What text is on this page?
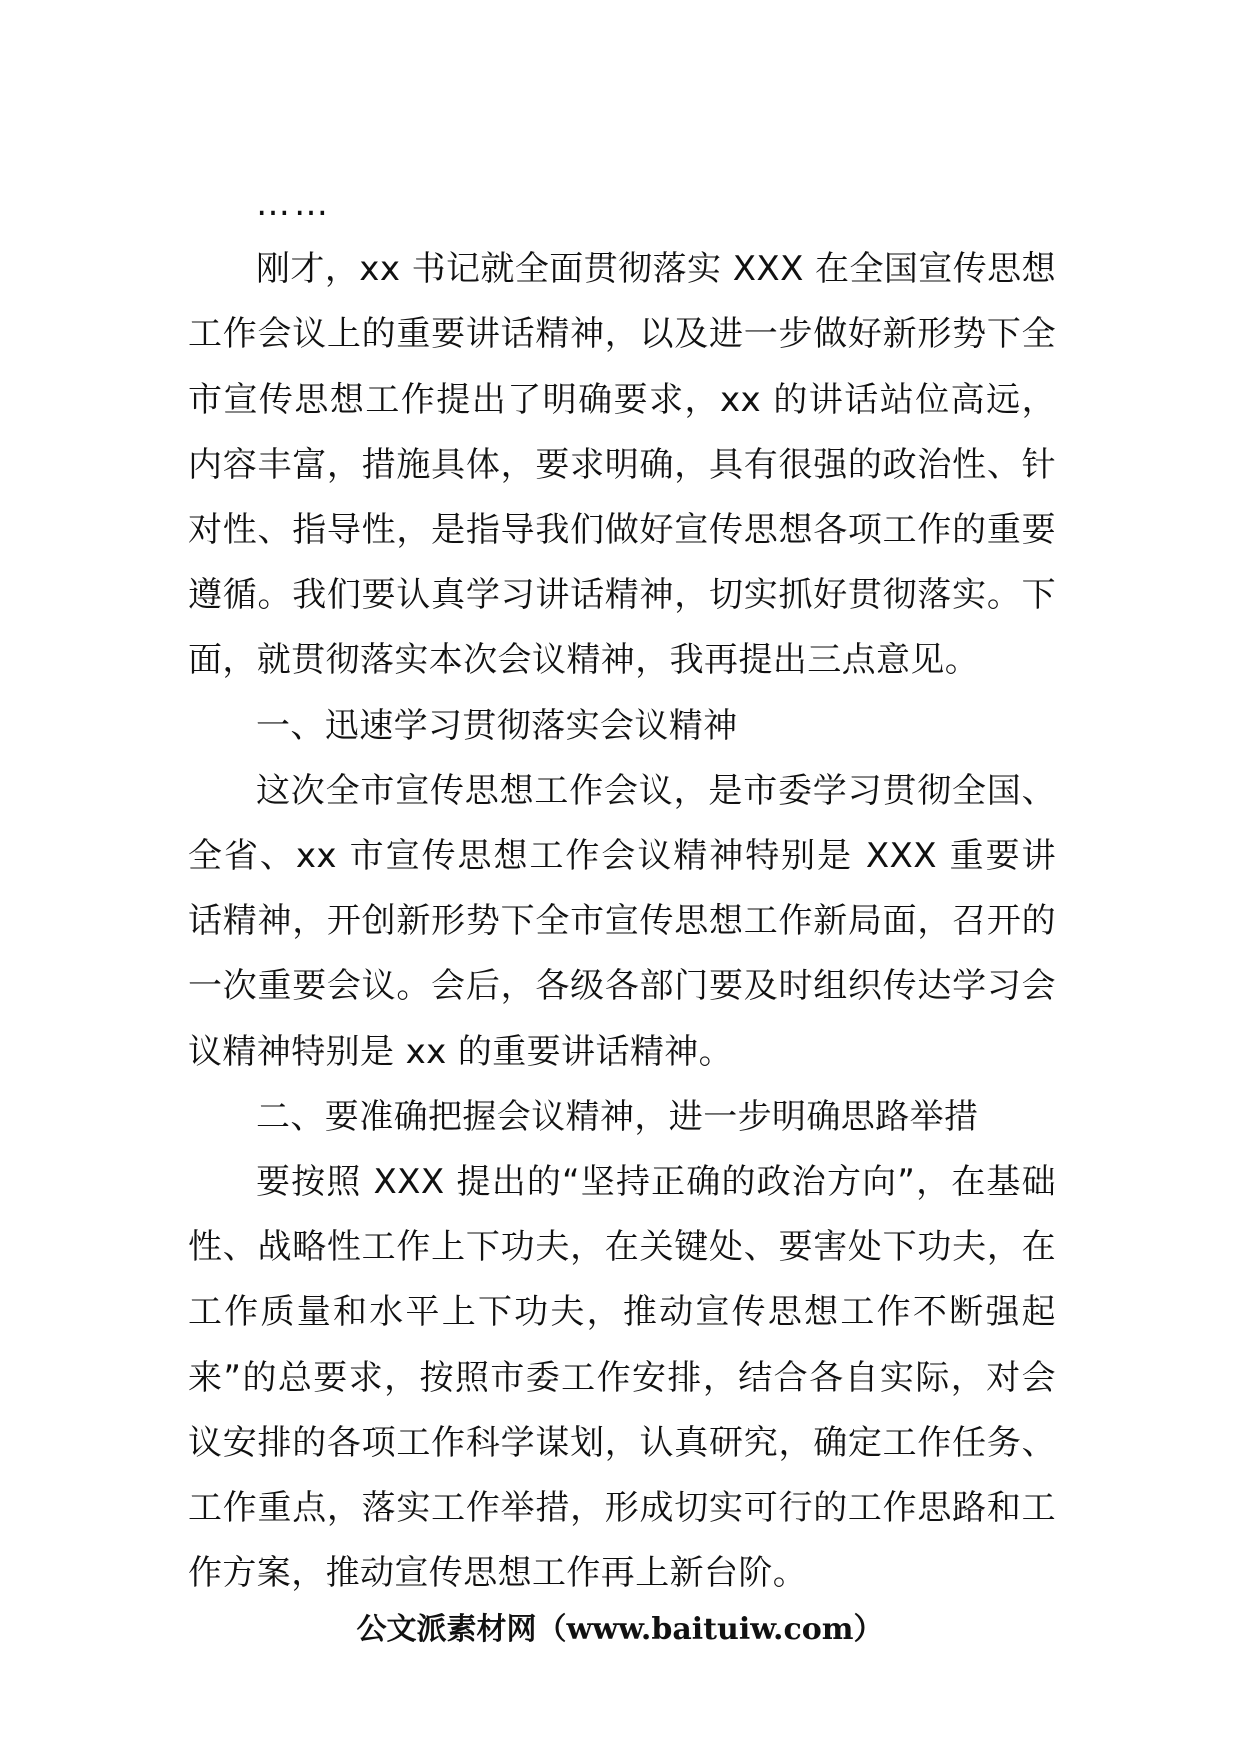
……

刚才，xx 书记就全面贯彻落实 XXX 在全国宣传思想工作会议上的重要讲话精神，以及进一步做好新形势下全市宣传思想工作提出了明确要求，xx 的讲话站位高远，内容丰富，措施具体，要求明确，具有很强的政治性、针对性、指导性，是指导我们做好宣传思想各项工作的重要遵循。我们要认真学习讲话精神，切实抓好贯彻落实。下面，就贯彻落实本次会议精神，我再提出三点意见。

一、迅速学习贯彻落实会议精神

这次全市宣传思想工作会议，是市委学习贯彻全国、全省、xx 市宣传思想工作会议精神特别是 XXX 重要讲话精神，开创新形势下全市宣传思想工作新局面，召开的一次重要会议。会后，各级各部门要及时组织传达学习会议精神特别是 xx 的重要讲话精神。

二、要准确把握会议精神，进一步明确思路举措

要按照 XXX 提出的“坚持正确的政治方向”，在基础性、战略性工作上下功夫，在关键处、要害处下功夫，在工作质量和水平上下功夫，推动宣传思想工作不断强起来”的总要求，按照市委工作安排，结合各自实际，对会议安排的各项工作科学谋划，认真研究，确定工作任务、工作重点，落实工作举措，形成切实可行的工作思路和工作方案，推动宣传思想工作再上新台阶。

公文派素材网（www.baituiw.com）
